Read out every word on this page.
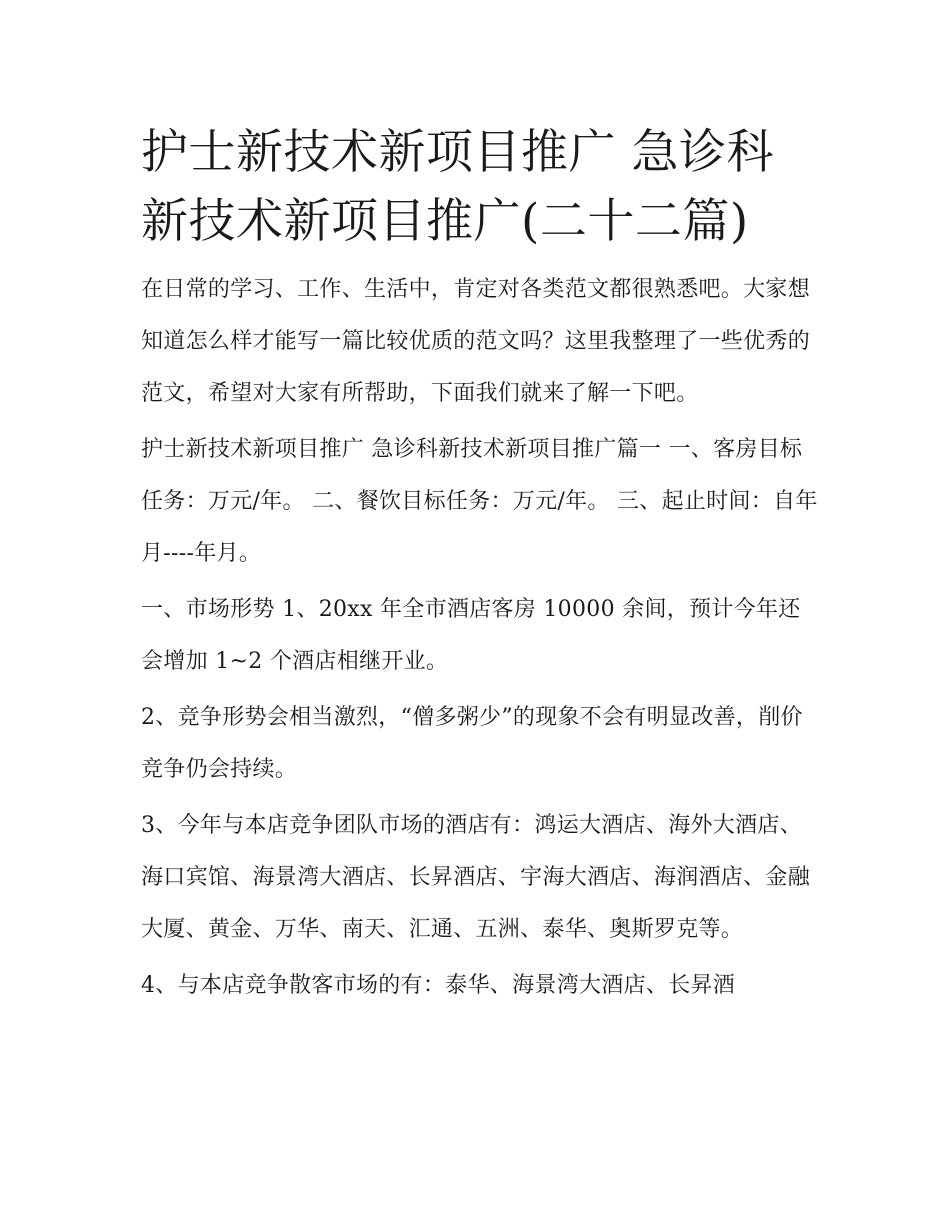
护士新技术新项目推广 急诊科新技术新项目推广(二十二篇)

在日常的学习、工作、生活中，肯定对各类范文都很熟悉吧。大家想知道怎么样才能写一篇比较优质的范文吗？这里我整理了一些优秀的范文，希望对大家有所帮助，下面我们就来了解一下吧。

护士新技术新项目推广 急诊科新技术新项目推广篇一 一、客房目标任务：万元/年。 二、餐饮目标任务：万元/年。 三、起止时间：自年月----年月。

一、市场形势 1、20xx 年全市酒店客房 10000 余间，预计今年还会增加 1~2 个酒店相继开业。

2、竞争形势会相当激烈，“僧多粥少”的现象不会有明显改善，削价竞争仍会持续。

3、今年与本店竞争团队市场的酒店有：鸿运大酒店、海外大酒店、海口宾馆、海景湾大酒店、长昇酒店、宇海大酒店、海润酒店、金融大厦、黄金、万华、南天、汇通、五洲、泰华、奥斯罗克等。

4、与本店竞争散客市场的有：泰华、海景湾大酒店、长昇酒
